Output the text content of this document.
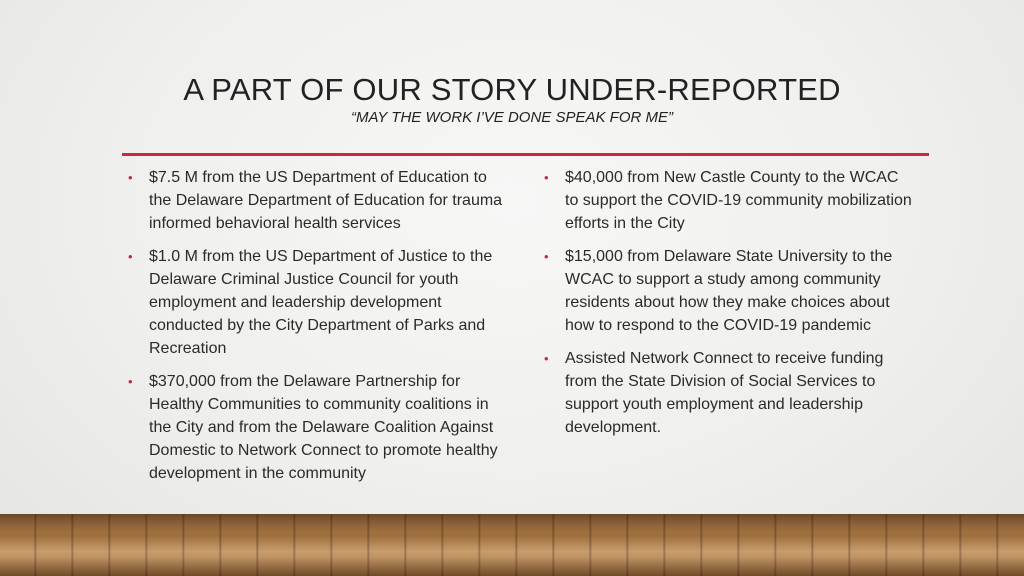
A PART OF OUR STORY UNDER-REPORTED
“MAY THE WORK I’VE DONE SPEAK FOR ME”
• $7.5 M from the US Department of Education to the Delaware Department of Education for trauma informed behavioral health services
• $1.0 M from the US Department of Justice to the Delaware Criminal Justice Council for youth employment and leadership development conducted by the City Department of Parks and Recreation
• $370,000 from the Delaware Partnership for Healthy Communities to community coalitions in the City and from the Delaware Coalition Against Domestic to Network Connect to promote healthy development in the community
• $40,000 from New Castle County to the WCAC to support the COVID-19 community mobilization efforts in the City
• $15,000 from Delaware State University to the WCAC to support a study among community residents about how they make choices about how to respond to the COVID-19 pandemic
• Assisted Network Connect to receive funding from the State Division of Social Services to support youth employment and leadership development.
